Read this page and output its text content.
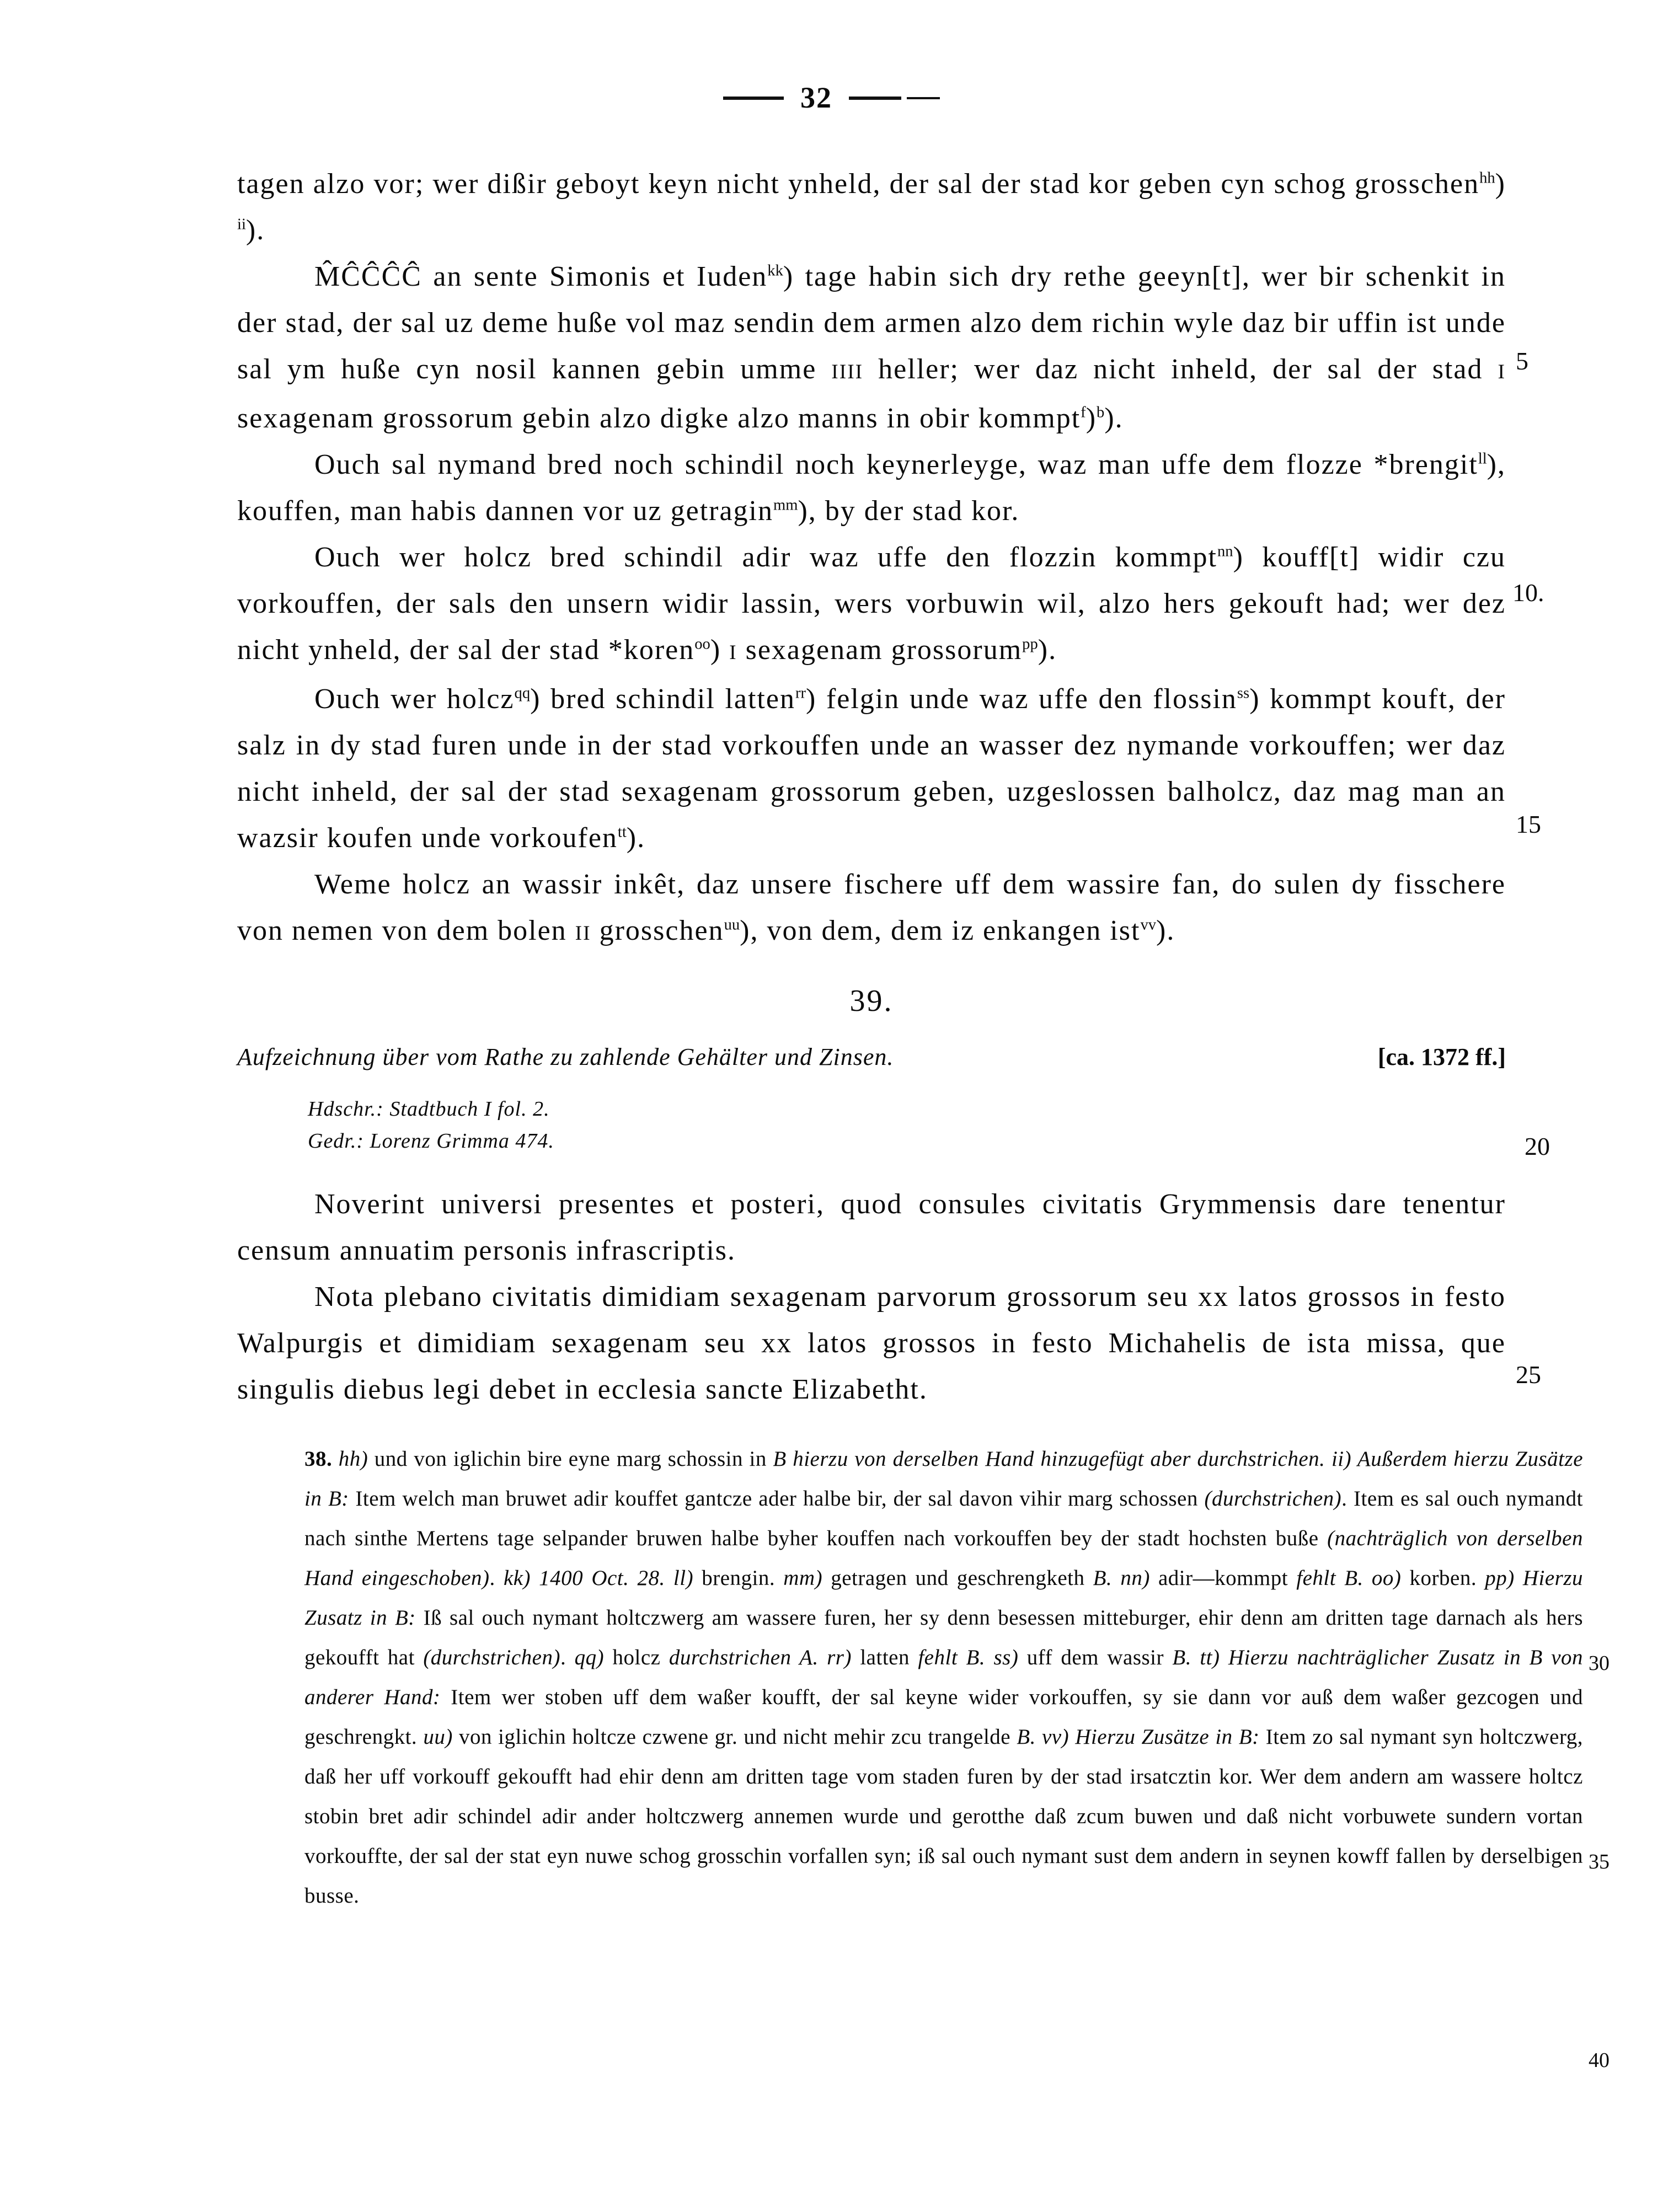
32

tagen alzo vor; wer dißir geboyt keyn nicht ynheld, der sal der stad kor geben cyn schog grosschen$^{hh}$) $^{ii}$).

M̂ĈĈĈĈ an sente Simonis et Iuden$^{kk}$) tage habin sich dry rethe geeyn[t], wer bir schenkit in der stad, der sal uz deme huße vol maz sendin dem armen alzo dem richin wyle daz bir uffin ist unde sal ym huße cyn nosil kannen gebin umme IIII heller; wer daz nicht inheld, der sal der stad I sexagenam grossorum gebin alzo digke alzo manns in obir kommpt$^f$)$^b$).

Ouch sal nymand bred noch schindil noch keynerleyge, waz man uffe dem flozze *brengit$^{ll}$), kouffen, man habis dannen vor uz getragin$^{mm}$), by der stad kor.

Ouch wer holcz bred schindil adir waz uffe den flozzin kommpt$^{nn}$) kouff[t] widir czu vorkouffen, der sals den unsern widir lassin, wers vorbuwin wil, alzo hers gekouft had; wer dez nicht ynheld, der sal der stad *koren$^{oo}$) I sexagenam grossorum$^{pp}$).

Ouch wer holcz$^{qq}$) bred schindil latten$^{rr}$) felgin unde waz uffe den flossin$^{ss}$) kommpt kouft, der salz in dy stad furen unde in der stad vorkouffen unde an wasser dez nymande vorkouffen; wer daz nicht inheld, der sal der stad sexagenam grossorum geben, uzgeslossen balholcz, daz mag man an wazsir koufen unde vorkoufen$^{tt}$).

Weme holcz an wassir inkêt, daz unsere fischere uff dem wassire fan, do sulen dy fisschere von nemen von dem bolen II grosschen$^{uu}$), von dem, dem iz enkangen ist$^{vv}$).

39.
Aufzeichnung über vom Rathe zu zahlende Gehälter und Zinsen.	[ca. 1372 ff.]
Hdschr.: Stadtbuch I fol. 2.
Gedr.: Lorenz Grimma 474.

Noverint universi presentes et posteri, quod consules civitatis Grymmensis dare tenentur censum annuatim personis infrascriptis.

Nota plebano civitatis dimidiam sexagenam parvorum grossorum seu xx latos grossos in festo Walpurgis et dimidiam sexagenam seu xx latos grossos in festo Michahelis de ista missa, que singulis diebus legi debet in ecclesia sancte Elizabetht.

38. hh) und von iglichin bire eyne marg schossin in B hierzu von derselben Hand hinzugefügt aber durchstrichen. ii) Außerdem hierzu Zusätze in B: Item welch man bruwet adir kouffet gantcze ader halbe bir, der sal davon vihir marg schossen (durchstrichen). Item es sal ouch nymandt nach sinthe Mertens tage selpander bruwen halbe byher kouffen nach vorkouffen bey der stadt hochsten buße (nachträglich von derselben Hand eingeschoben). kk) 1400 Oct. 28. ll) brengin. mm) getragen und geschrengketh B. nn) adir—kommpt fehlt B. oo) korben. pp) Hierzu Zusatz in B: Iß sal ouch nymant holtczwerg am wassere furen, her sy denn besessen mitteburger, ehir denn am dritten tage darnach als hers gekoufft hat (durchstrichen). qq) holcz durchstrichen A. rr) latten fehlt B. ss) uff dem wassir B. tt) Hierzu nachträglicher Zusatz in B von anderer Hand: Item wer stoben uff dem waßer koufft, der sal keyne wider vorkouffen, sy sie dann vor auß dem waßer gezcogen und geschrengkt. uu) von iglichin holtcze czwene gr. und nicht mehir zcu trangelde B. vv) Hierzu Zusätze in B: Item zo sal nymant syn holtczwerg, daß her uff vorkouff gekoufft had ehir denn am dritten tage vom staden furen by der stad irsatcztin kor. Wer dem andern am wassere holtcz stobin bret adir schindel adir ander holtczwerg annemen wurde und gerotthe daß zcum buwen und daß nicht vorbuwete sundern vortan vorkouffte, der sal der stat eyn nuwe schog grosschin vorfallen syn; iß sal ouch nymant sust dem andern in seynen kowff fallen by derselbigen busse.
5
10.
15
20
25
30
35
40
